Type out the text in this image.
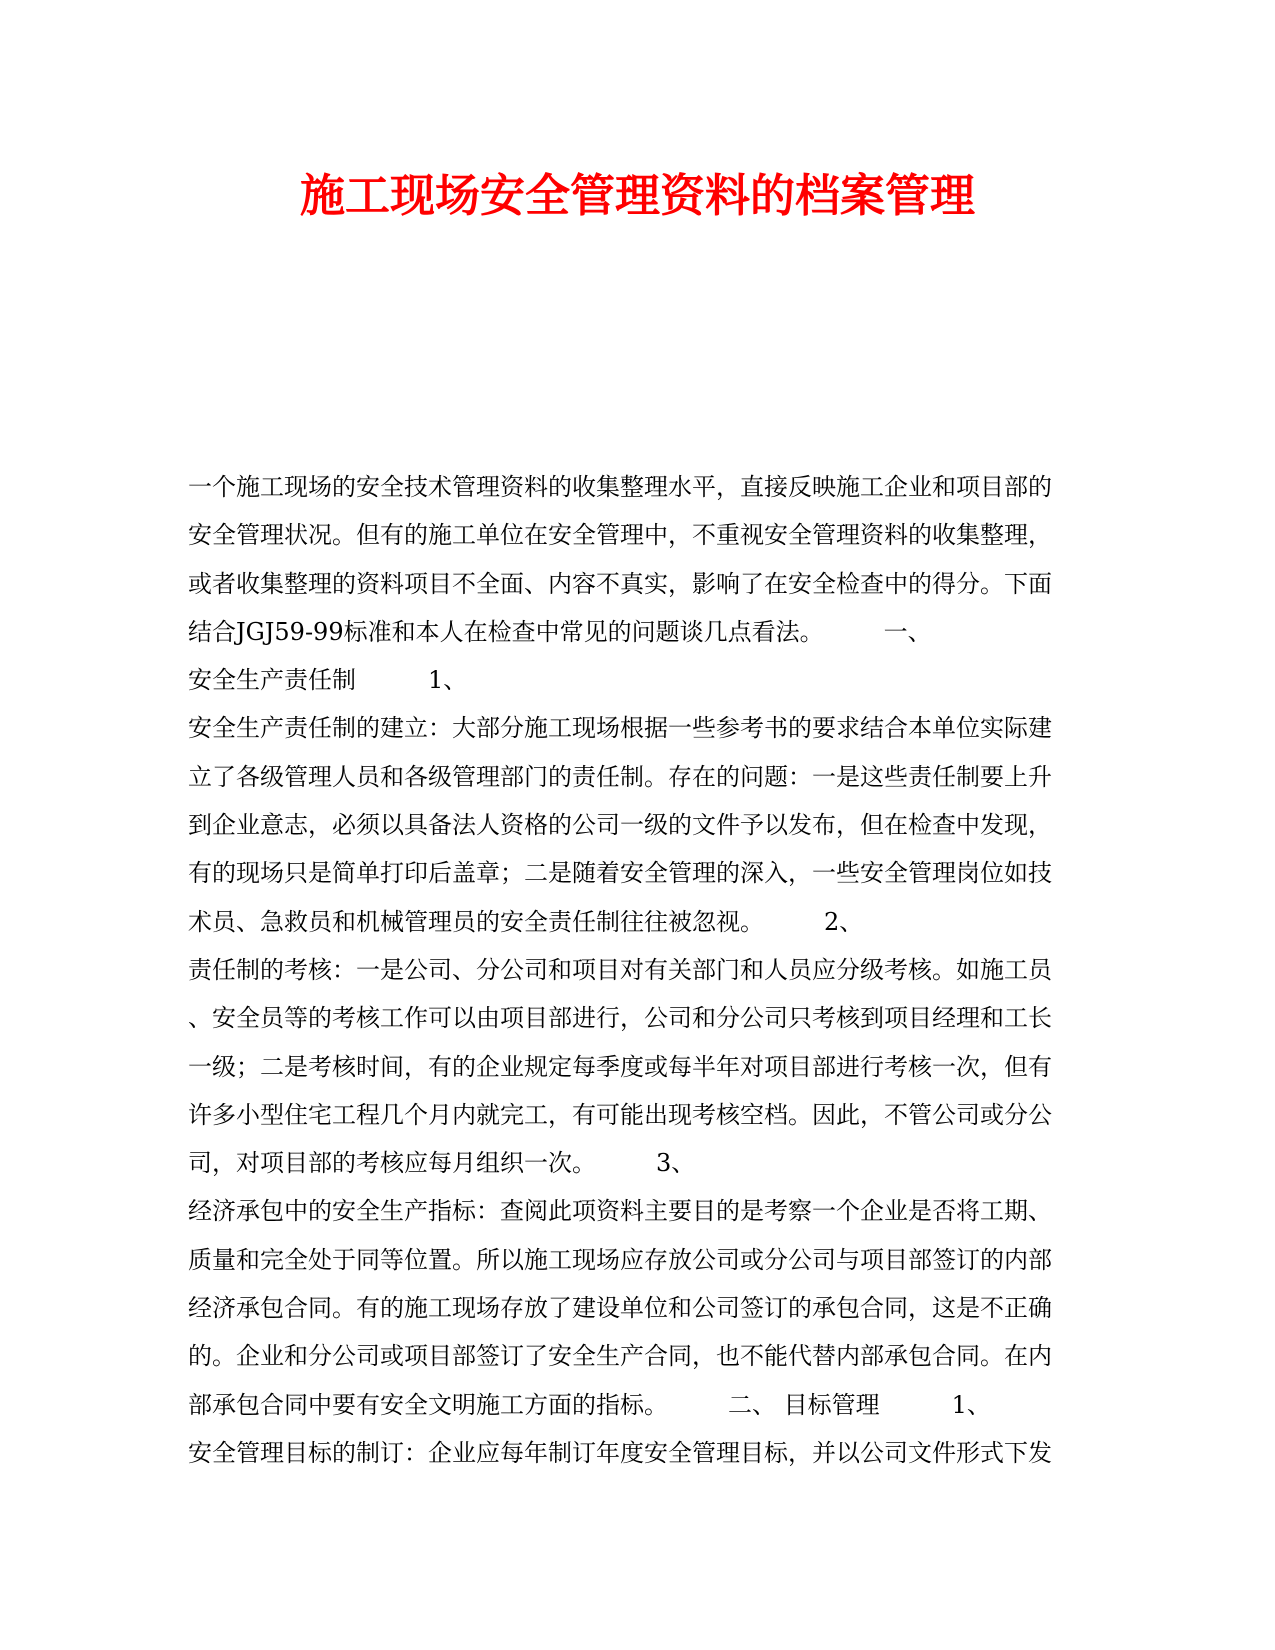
施工现场安全管理资料的档案管理
一个施工现场的安全技术管理资料的收集整理水平，直接反映施工企业和项目部的
安全管理状况。但有的施工单位在安全管理中，不重视安全管理资料的收集整理，
或者收集整理的资料项目不全面、内容不真实，影响了在安全检查中的得分。下面
结合JGJ59-99标准和本人在检查中常见的问题谈几点看法。　　　一、
安全生产责任制　　　1、
安全生产责任制的建立：大部分施工现场根据一些参考书的要求结合本单位实际建
立了各级管理人员和各级管理部门的责任制。存在的问题：一是这些责任制要上升
到企业意志，必须以具备法人资格的公司一级的文件予以发布，但在检查中发现，
有的现场只是简单打印后盖章；二是随着安全管理的深入，一些安全管理岗位如技
术员、急救员和机械管理员的安全责任制往往被忽视。　　　2、
责任制的考核：一是公司、分公司和项目对有关部门和人员应分级考核。如施工员
、安全员等的考核工作可以由项目部进行，公司和分公司只考核到项目经理和工长
一级；二是考核时间，有的企业规定每季度或每半年对项目部进行考核一次，但有
许多小型住宅工程几个月内就完工，有可能出现考核空档。因此，不管公司或分公
司，对项目部的考核应每月组织一次。　　　3、
经济承包中的安全生产指标：查阅此项资料主要目的是考察一个企业是否将工期、
质量和完全处于同等位置。所以施工现场应存放公司或分公司与项目部签订的内部
经济承包合同。有的施工现场存放了建设单位和公司签订的承包合同，这是不正确
的。企业和分公司或项目部签订了安全生产合同，也不能代替内部承包合同。在内
部承包合同中要有安全文明施工方面的指标。　　　二、 目标管理　　　1、
安全管理目标的制订：企业应每年制订年度安全管理目标，并以公司文件形式下发
